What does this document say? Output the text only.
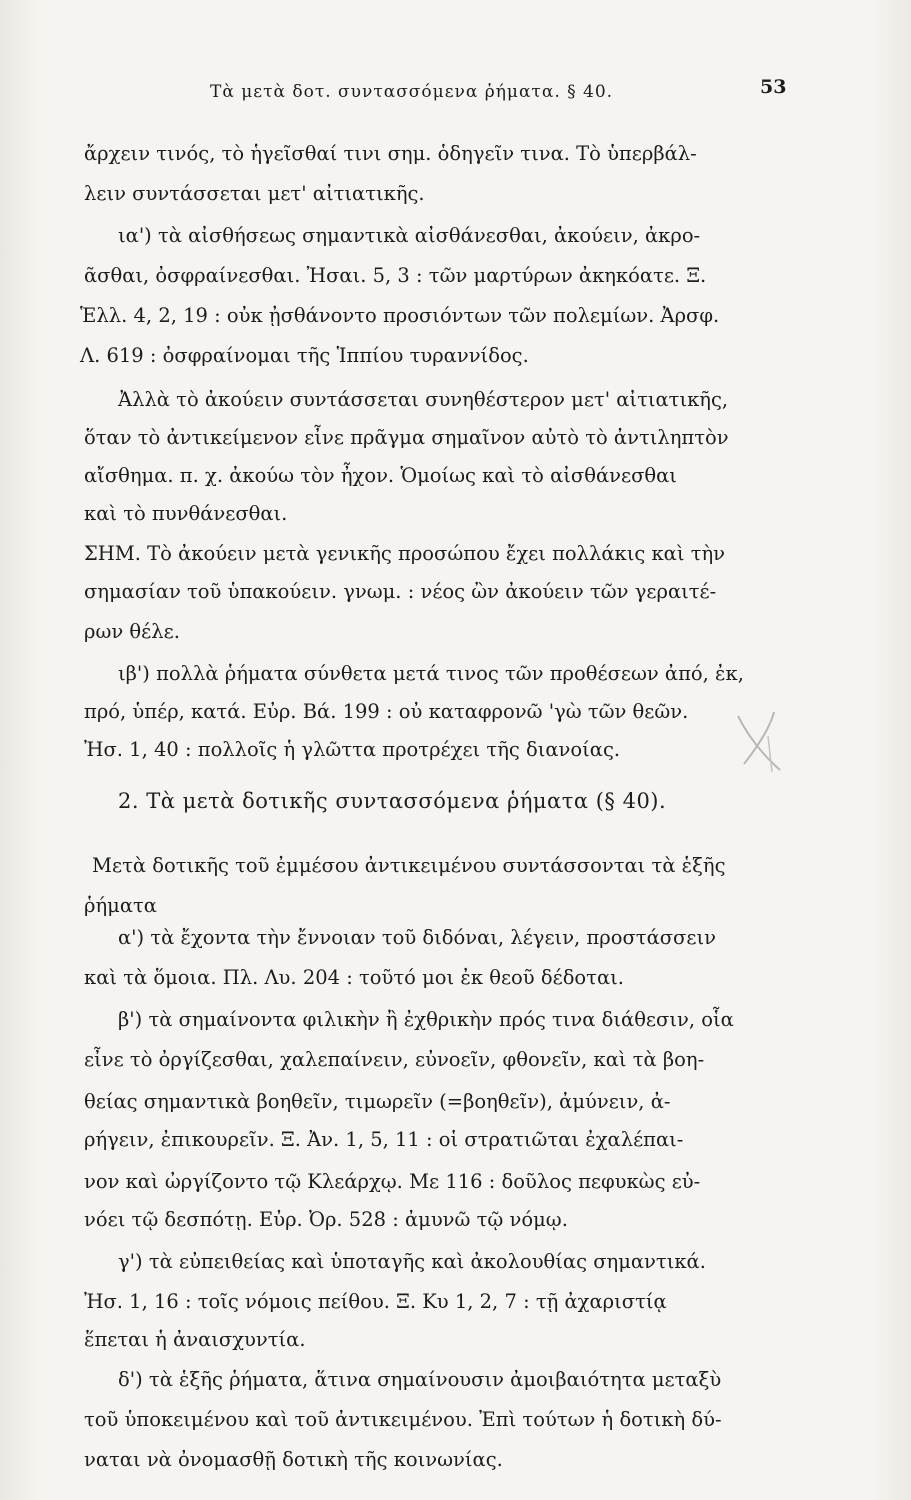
Τὰ μετὰ δοτ. συντασσόμενα ῥήματα. § 40.	53
ἄρχειν τινός, τὸ ἡγεῖσθαί τινι σημ. ὁδηγεῖν τινα. Τὸ ὑπερβάλ-
λειν συντάσσεται μετ' αἰτιατικῆς.
ια') τὰ αἰσθήσεως σημαντικὰ αἰσθάνεσθαι, ἀκούειν, ἀκρο-
ᾶσθαι, ὀσφραίνεσθαι. Ἠσαι. 5, 3 : τῶν μαρτύρων ἀκηκόατε. Ξ.
Ἑλλ. 4, 2, 19 : οὐκ ᾐσθάνοντο προσιόντων τῶν πολεμίων. Ἀρσφ.
Λ. 619 : ὀσφραίνομαι τῆς Ἱππίου τυραννίδος.
Ἀλλὰ τὸ ἀκούειν συντάσσεται συνηθέστερον μετ' αἰτιατικῆς,
ὅταν τὸ ἀντικείμενον εἶνε πρᾶγμα σημαῖνον αὐτὸ τὸ ἀντιληπτὸν
αἴσθημα. π. χ. ἀκούω τὸν ἦχον. Ὁμοίως καὶ τὸ αἰσθάνεσθαι
καὶ τὸ πυνθάνεσθαι.
ΣΗΜ. Τὸ ἀκούειν μετὰ γενικῆς προσώπου ἔχει πολλάκις καὶ τὴν
σημασίαν τοῦ ὑπακούειν. γνωμ. : νέος ὢν ἀκούειν τῶν γεραιτέ-
ρων θέλε.
ιβ') πολλὰ ῥήματα σύνθετα μετά τινος τῶν προθέσεων ἀπό, ἐκ,
πρό, ὑπέρ, κατά. Εὐρ. Βά. 199 : οὐ καταφρονῶ 'γὼ τῶν θεῶν.
Ἠσ. 1, 40 : πολλοῖς ἡ γλῶττα προτρέχει τῆς διανοίας.
2. Τὰ μετὰ δοτικῆς συντασσόμενα ῥήματα (§ 40).
Μετὰ δοτικῆς τοῦ ἐμμέσου ἀντικειμένου συντάσσονται τὰ ἑξῆς
ῥήματα
α') τὰ ἔχοντα τὴν ἔννοιαν τοῦ διδόναι, λέγειν, προστάσσειν
καὶ τὰ ὅμοια. Πλ. Λυ. 204 : τοῦτό μοι ἐκ θεοῦ δέδοται.
β') τὰ σημαίνοντα φιλικὴν ἢ ἐχθρικὴν πρός τινα διάθεσιν, οἷα
εἶνε τὸ ὀργίζεσθαι, χαλεπαίνειν, εὐνοεῖν, φθονεῖν, καὶ τὰ βοη-
θείας σημαντικὰ βοηθεῖν, τιμωρεῖν (=βοηθεῖν), ἀμύνειν, ἀ-
ρήγειν, ἐπικουρεῖν. Ξ. Ἀν. 1, 5, 11 : οἱ στρατιῶται ἐχαλέπαι-
νον καὶ ὠργίζοντο τῷ Κλεάρχῳ. Με 116 : δοῦλος πεφυκὼς εὐ-
νόει τῷ δεσπότῃ. Εὐρ. Ὀρ. 528 : ἀμυνῶ τῷ νόμῳ.
γ') τὰ εὐπειθείας καὶ ὑποταγῆς καὶ ἀκολουθίας σημαντικά.
Ἠσ. 1, 16 : τοῖς νόμοις πείθου. Ξ. Κυ 1, 2, 7 : τῇ ἀχαριστίᾳ
ἕπεται ἡ ἀναισχυντία.
δ') τὰ ἑξῆς ῥήματα, ἅτινα σημαίνουσιν ἀμοιβαιότητα μεταξὺ
τοῦ ὑποκειμένου καὶ τοῦ ἀντικειμένου. Ἐπὶ τούτων ἡ δοτικὴ δύ-
ναται νὰ ὀνομασθῇ δοτικὴ τῆς κοινωνίας.
